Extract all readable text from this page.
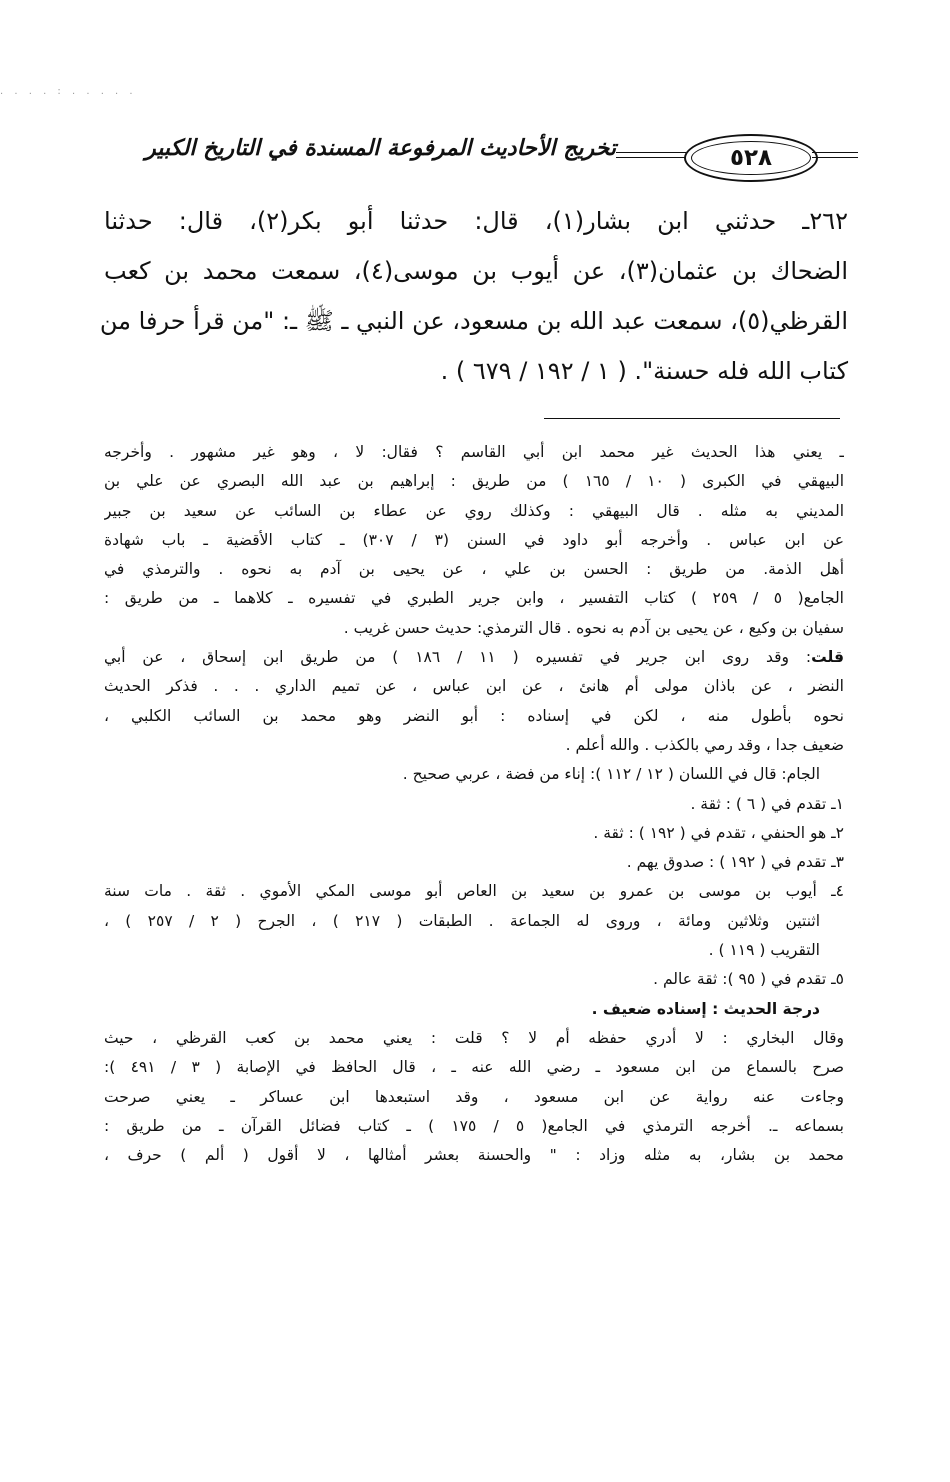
. . . . : . . . . .
تخريج الأحاديث المرفوعة المسندة في التاريخ الكبير	٥٢٨
٢٦٢ـ حدثني ابن بشار(١)، قال: حدثنا أبو بكر(٢)، قال: حدثنا
الضحاك بن عثمان(٣)، عن أيوب بن موسى(٤)، سمعت محمد بن كعب
القرظي(٥)، سمعت عبد الله بن مسعود، عن النبي ـ ﷺ ـ: "من قرأ حرفا من
كتاب الله فله حسنة". ( ١ / ١٩٢ / ٦٧٩ ) .
ـ يعني هذا الحديث غير محمد ابن أبي القاسم ؟ فقال: لا ، وهو غير مشهور . وأخرجه
البيهقي في الكبرى ( ١٠ / ١٦٥ ) من طريق : إبراهيم بن عبد الله البصري عن علي بن
المديني به مثله . قال البيهقي : وكذلك روي عن عطاء بن السائب عن سعيد بن جبير
عن ابن عباس . وأخرجه أبو داود في السنن (٣ / ٣٠٧) ـ كتاب الأقضية ـ باب شهادة
أهل الذمة. من طريق : الحسن بن علي ، عن يحيى بن آدم به نحوه . والترمذي في
الجامع( ٥ / ٢٥٩ ) كتاب التفسير ، وابن جرير الطبري في تفسيره ـ كلاهما ـ من طريق :
سفيان بن وكيع ، عن يحيى بن آدم به نحوه . قال الترمذي: حديث حسن غريب .
قلت: وقد روى ابن جرير في تفسيره ( ١١ / ١٨٦ ) من طريق ابن إسحاق ، عن أبي
النضر ، عن باذان مولى أم هانئ ، عن ابن عباس ، عن تميم الداري . . . فذكر الحديث
نحوه بأطول منه ، لكن في إسناده : أبو النضر وهو محمد بن السائب الكلبي ،
ضعيف جدا ، وقد رمي بالكذب . والله أعلم .
الجام: قال في اللسان ( ١٢ / ١١٢ ): إناء من فضة ، عربي صحيح .
١ـ تقدم في ( ٦ ) : ثقة .
٢ـ هو الحنفي ، تقدم في ( ١٩٢ ) : ثقة .
٣ـ تقدم في ( ١٩٢ ) : صدوق يهم .
٤ـ أيوب بن موسى بن عمرو بن سعيد بن العاص أبو موسى المكي الأموي . ثقة . مات سنة
اثنتين وثلاثين ومائة ، وروى له الجماعة . الطبقات ( ٢١٧ ) ، الجرح ( ٢ / ٢٥٧ ) ،
التقريب ( ١١٩ ) .
٥ـ تقدم في ( ٩٥ ): ثقة عالم .
درجة الحديث : إسناده ضعيف .
وقال البخاري : لا أدري حفظه أم لا ؟ قلت : يعني محمد بن كعب القرظي ، حيث
صرح بالسماع من ابن مسعود ـ رضي الله عنه ـ ، قال الحافظ في الإصابة ( ٣ / ٤٩١ ):
وجاءت عنه رواية عن ابن مسعود ، وقد استبعدها ابن عساكر ـ يعني صرحت
بسماعه ـ. أخرجه الترمذي في الجامع( ٥ / ١٧٥ ) ـ كتاب فضائل القرآن ـ من طريق :
محمد بن بشار، به مثله وزاد : " والحسنة بعشر أمثالها ، لا أقول ( ألم ) حرف ،
